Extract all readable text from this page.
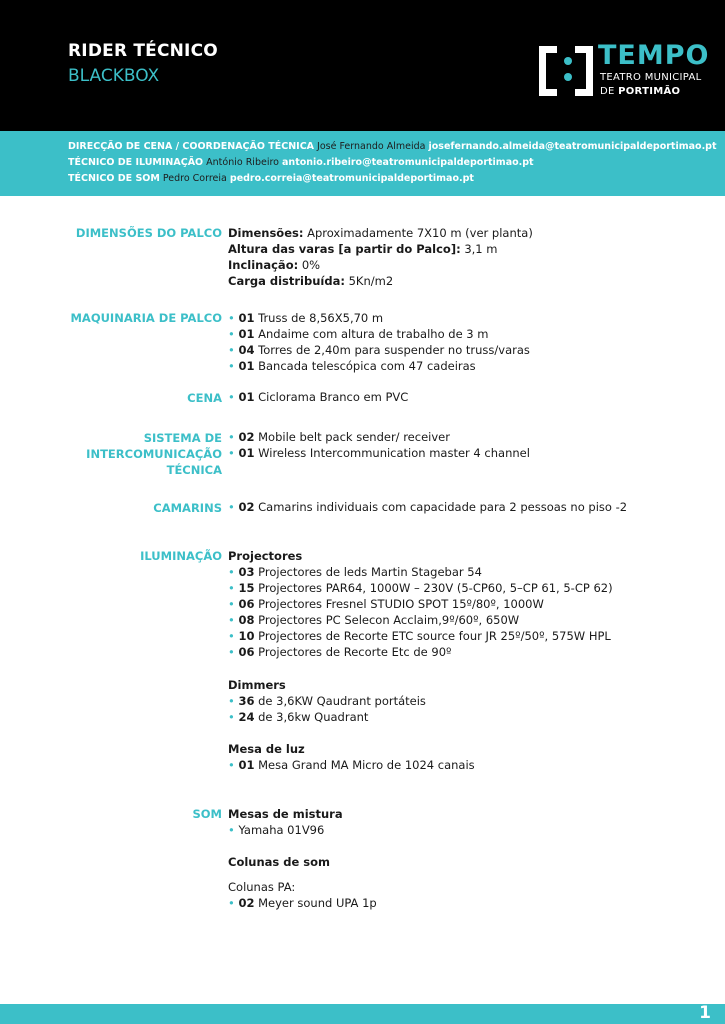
RIDER TÉCNICO
BLACKBOX
TEMPO
TEATRO MUNICIPAL
DE PORTIMÃO
DIRECÇÃO DE CENA / COORDENAÇÃO TÉCNICA José Fernando Almeida josefernando.almeida@teatromunicipaldeportimao.pt
TÉCNICO DE ILUMINAÇÃO António Ribeiro antonio.ribeiro@teatromunicipaldeportimao.pt
TÉCNICO DE SOM Pedro Correia pedro.correia@teatromunicipaldeportimao.pt
DIMENSÕES DO PALCO Dimensões: Aproximadamente 7X10 m (ver planta)
Altura das varas [a partir do Palco]: 3,1 m
Inclinação: 0%
Carga distribuída: 5Kn/m2
MAQUINARIA DE PALCO • 01 Truss de 8,56X5,70 m
• 01 Andaime com altura de trabalho de 3 m
• 04 Torres de 2,40m para suspender no truss/varas
• 01 Bancada telescópica com 47 cadeiras
CENA • 01 Ciclorama Branco em PVC
SISTEMA DE
INTERCOMUNICAÇÃO
TÉCNICA
• 02 Mobile belt pack sender/ receiver
• 01 Wireless Intercommunication master 4 channel
CAMARINS • 02 Camarins individuais com capacidade para 2 pessoas no piso -2
ILUMINAÇÃO Projectores
• 03 Projectores de leds Martin Stagebar 54
• 15 Projectores PAR64, 1000W – 230V (5-CP60, 5–CP 61, 5-CP 62)
• 06 Projectores Fresnel STUDIO SPOT 15º/80º, 1000W
• 08 Projectores PC Selecon Acclaim,9º/60º, 650W
• 10 Projectores de Recorte ETC source four JR 25º/50º, 575W HPL
• 06 Projectores de Recorte Etc de 90º
Dimmers
• 36 de 3,6KW Qaudrant portáteis
• 24 de 3,6kw Quadrant
Mesa de luz
• 01 Mesa Grand MA Micro de 1024 canais
SOM Mesas de mistura
• Yamaha 01V96
Colunas de som
Colunas PA:
• 02 Meyer sound UPA 1p
1
